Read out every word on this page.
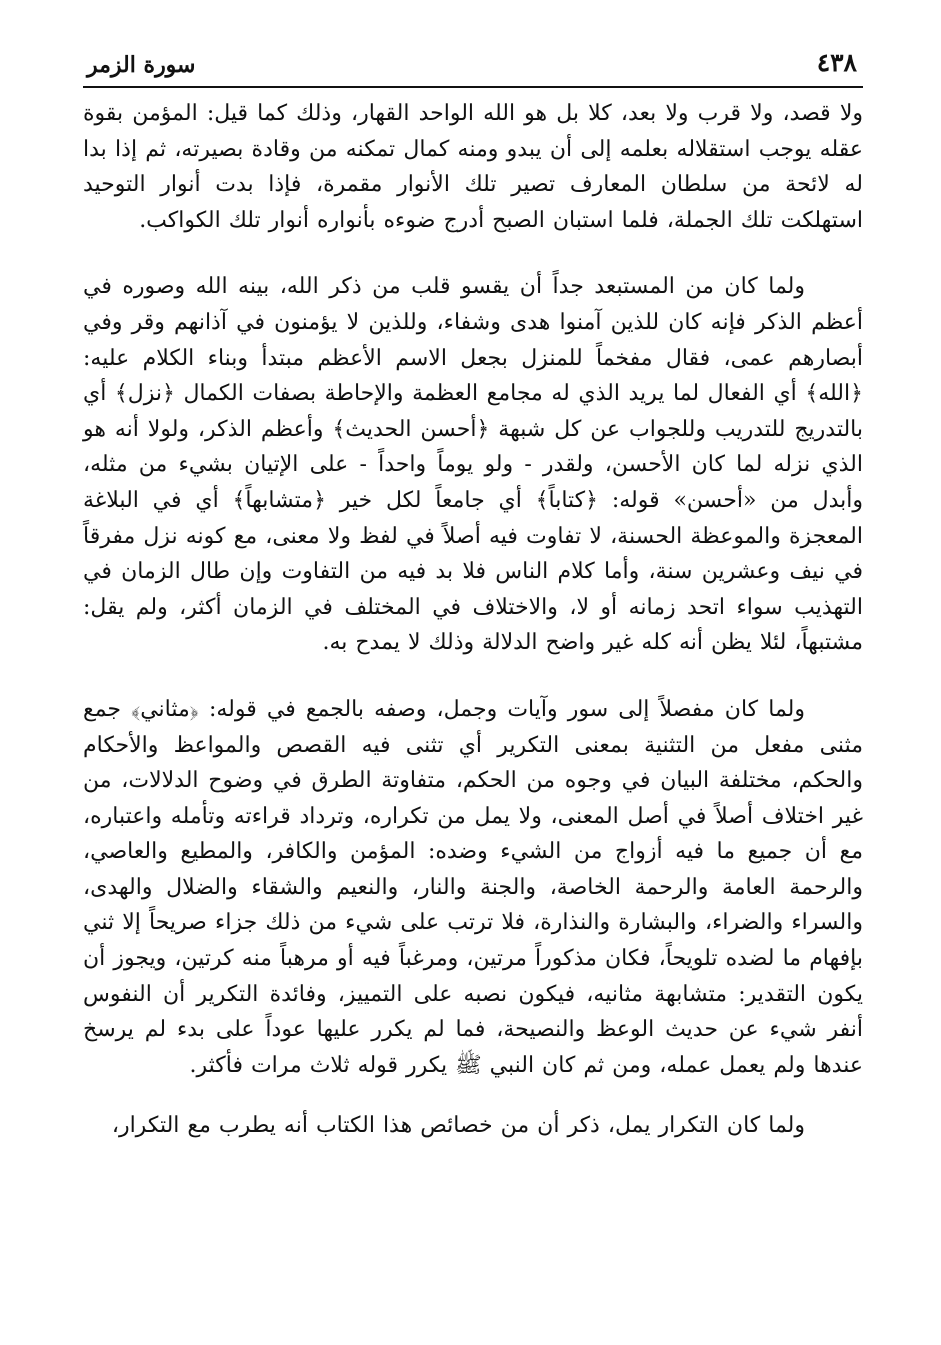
٤٣٨
سورة الزمر

ولا قصد، ولا قرب ولا بعد، كلا بل هو الله الواحد القهار، وذلك كما قيل: المؤمن بقوة عقله يوجب استقلاله بعلمه إلى أن يبدو ومنه كمال تمكنه من وقادة بصيرته، ثم إذا بدا له لائحة من سلطان المعارف تصير تلك الأنوار مقمرة، فإذا بدت أنوار التوحيد استهلكت تلك الجملة، فلما استبان الصبح أدرج ضوءه بأنواره أنوار تلك الكواكب.

ولما كان من المستبعد جداً أن يقسو قلب من ذكر الله، بينه الله وصوره في أعظم الذكر فإنه كان للذين آمنوا هدى وشفاء، وللذين لا يؤمنون في آذانهم وقر وفي أبصارهم عمى، فقال مفخماً للمنزل بجعل الاسم الأعظم مبتدأ وبناء الكلام عليه: ﴿الله﴾ أي الفعال لما يريد الذي له مجامع العظمة والإحاطة بصفات الكمال ﴿نزل﴾ أي بالتدريج للتدريب وللجواب عن كل شبهة ﴿أحسن الحديث﴾ وأعظم الذكر، ولولا أنه هو الذي نزله لما كان الأحسن، ولقدر - ولو يوماً واحداً - على الإتيان بشيء من مثله، وأبدل من «أحسن» قوله: ﴿كتاباً﴾ أي جامعاً لكل خير ﴿متشابهاً﴾ أي في البلاغة المعجزة والموعظة الحسنة، لا تفاوت فيه أصلاً في لفظ ولا معنى، مع كونه نزل مفرقاً في نيف وعشرين سنة، وأما كلام الناس فلا بد فيه من التفاوت وإن طال الزمان في التهذيب سواء اتحد زمانه أو لا، والاختلاف في المختلف في الزمان أكثر، ولم يقل: مشتبهاً، لئلا يظن أنه كله غير واضح الدلالة وذلك لا يمدح به.

ولما كان مفصلاً إلى سور وآيات وجمل، وصفه بالجمع في قوله: ﴿مثاني﴾ جمع مثنى مفعل من التثنية بمعنى التكرير أي تثنى فيه القصص والمواعظ والأحكام والحكم، مختلفة البيان في وجوه من الحكم، متفاوتة الطرق في وضوح الدلالات، من غير اختلاف أصلاً في أصل المعنى، ولا يمل من تكراره، وترداد قراءته وتأمله واعتباره، مع أن جميع ما فيه أزواج من الشيء وضده: المؤمن والكافر، والمطيع والعاصي، والرحمة العامة والرحمة الخاصة، والجنة والنار، والنعيم والشقاء والضلال والهدى، والسراء والضراء، والبشارة والنذارة، فلا ترتب على شيء من ذلك جزاء صريحاً إلا ثني بإفهام ما لضده تلويحاً، فكان مذكوراً مرتين، ومرغباً فيه أو مرهباً منه كرتين، ويجوز أن يكون التقدير: متشابهة مثانيه، فيكون نصبه على التمييز، وفائدة التكرير أن النفوس أنفر شيء عن حديث الوعظ والنصيحة، فما لم يكرر عليها عوداً على بدء لم يرسخ عندها ولم يعمل عمله، ومن ثم كان النبي ﷺ يكرر قوله ثلاث مرات فأكثر.

ولما كان التكرار يمل، ذكر أن من خصائص هذا الكتاب أنه يطرب مع التكرار،
